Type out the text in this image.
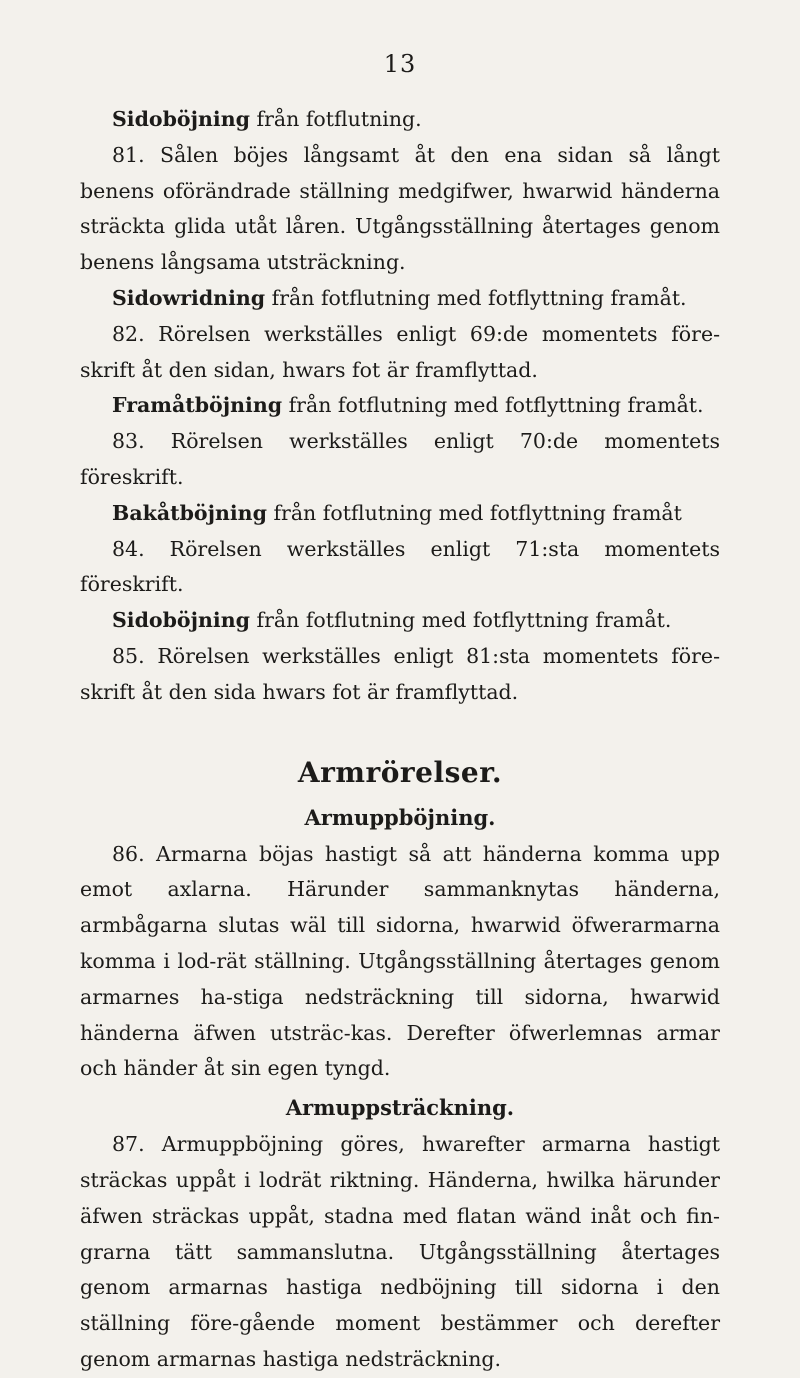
13

Sidoböjning från fotflutning.

81. Sålen böjes långsamt åt den ena sidan så långt benens oförändrade ställning medgifwer, hwarwid händerna sträckta glida utåt låren. Utgångsställning återtages genom benens långsama utsträckning.

Sidowridning från fotflutning med fotflyttning framåt.

82. Rörelsen werkställes enligt 69:de momentets före-skrift åt den sidan, hwars fot är framflyttad.

Framåtböjning från fotflutning med fotflyttning framåt.

83. Rörelsen werkställes enligt 70:de momentets föreskrift.

Bakåtböjning från fotflutning med fotflyttning framåt

84. Rörelsen werkställes enligt 71:sta momentets föreskrift.

Sidoböjning från fotflutning med fotflyttning framåt.

85. Rörelsen werkställes enligt 81:sta momentets före-skrift åt den sida hwars fot är framflyttad.

Armrörelser.
Armuppböjning.

86. Armarna böjas hastigt så att händerna komma upp emot axlarna. Härunder sammanknytas händerna, armbågarna slutas wäl till sidorna, hwarwid öfwerarmarna komma i lod-rät ställning. Utgångsställning återtages genom armarnes ha-stiga nedsträckning till sidorna, hwarwid händerna äfwen utsträc-kas. Derefter öfwerlemnas armar och händer åt sin egen tyngd.

Armuppsträckning.

87. Armuppböjning göres, hwarefter armarna hastigt sträckas uppåt i lodrät riktning. Händerna, hwilka härunder äfwen sträckas uppåt, stadna med flatan wänd inåt och fin-grarna tätt sammanslutna. Utgångsställning återtages genom armarnas hastiga nedböjning till sidorna i den ställning före-gående moment bestämmer och derefter genom armarnas hastiga nedsträckning.
